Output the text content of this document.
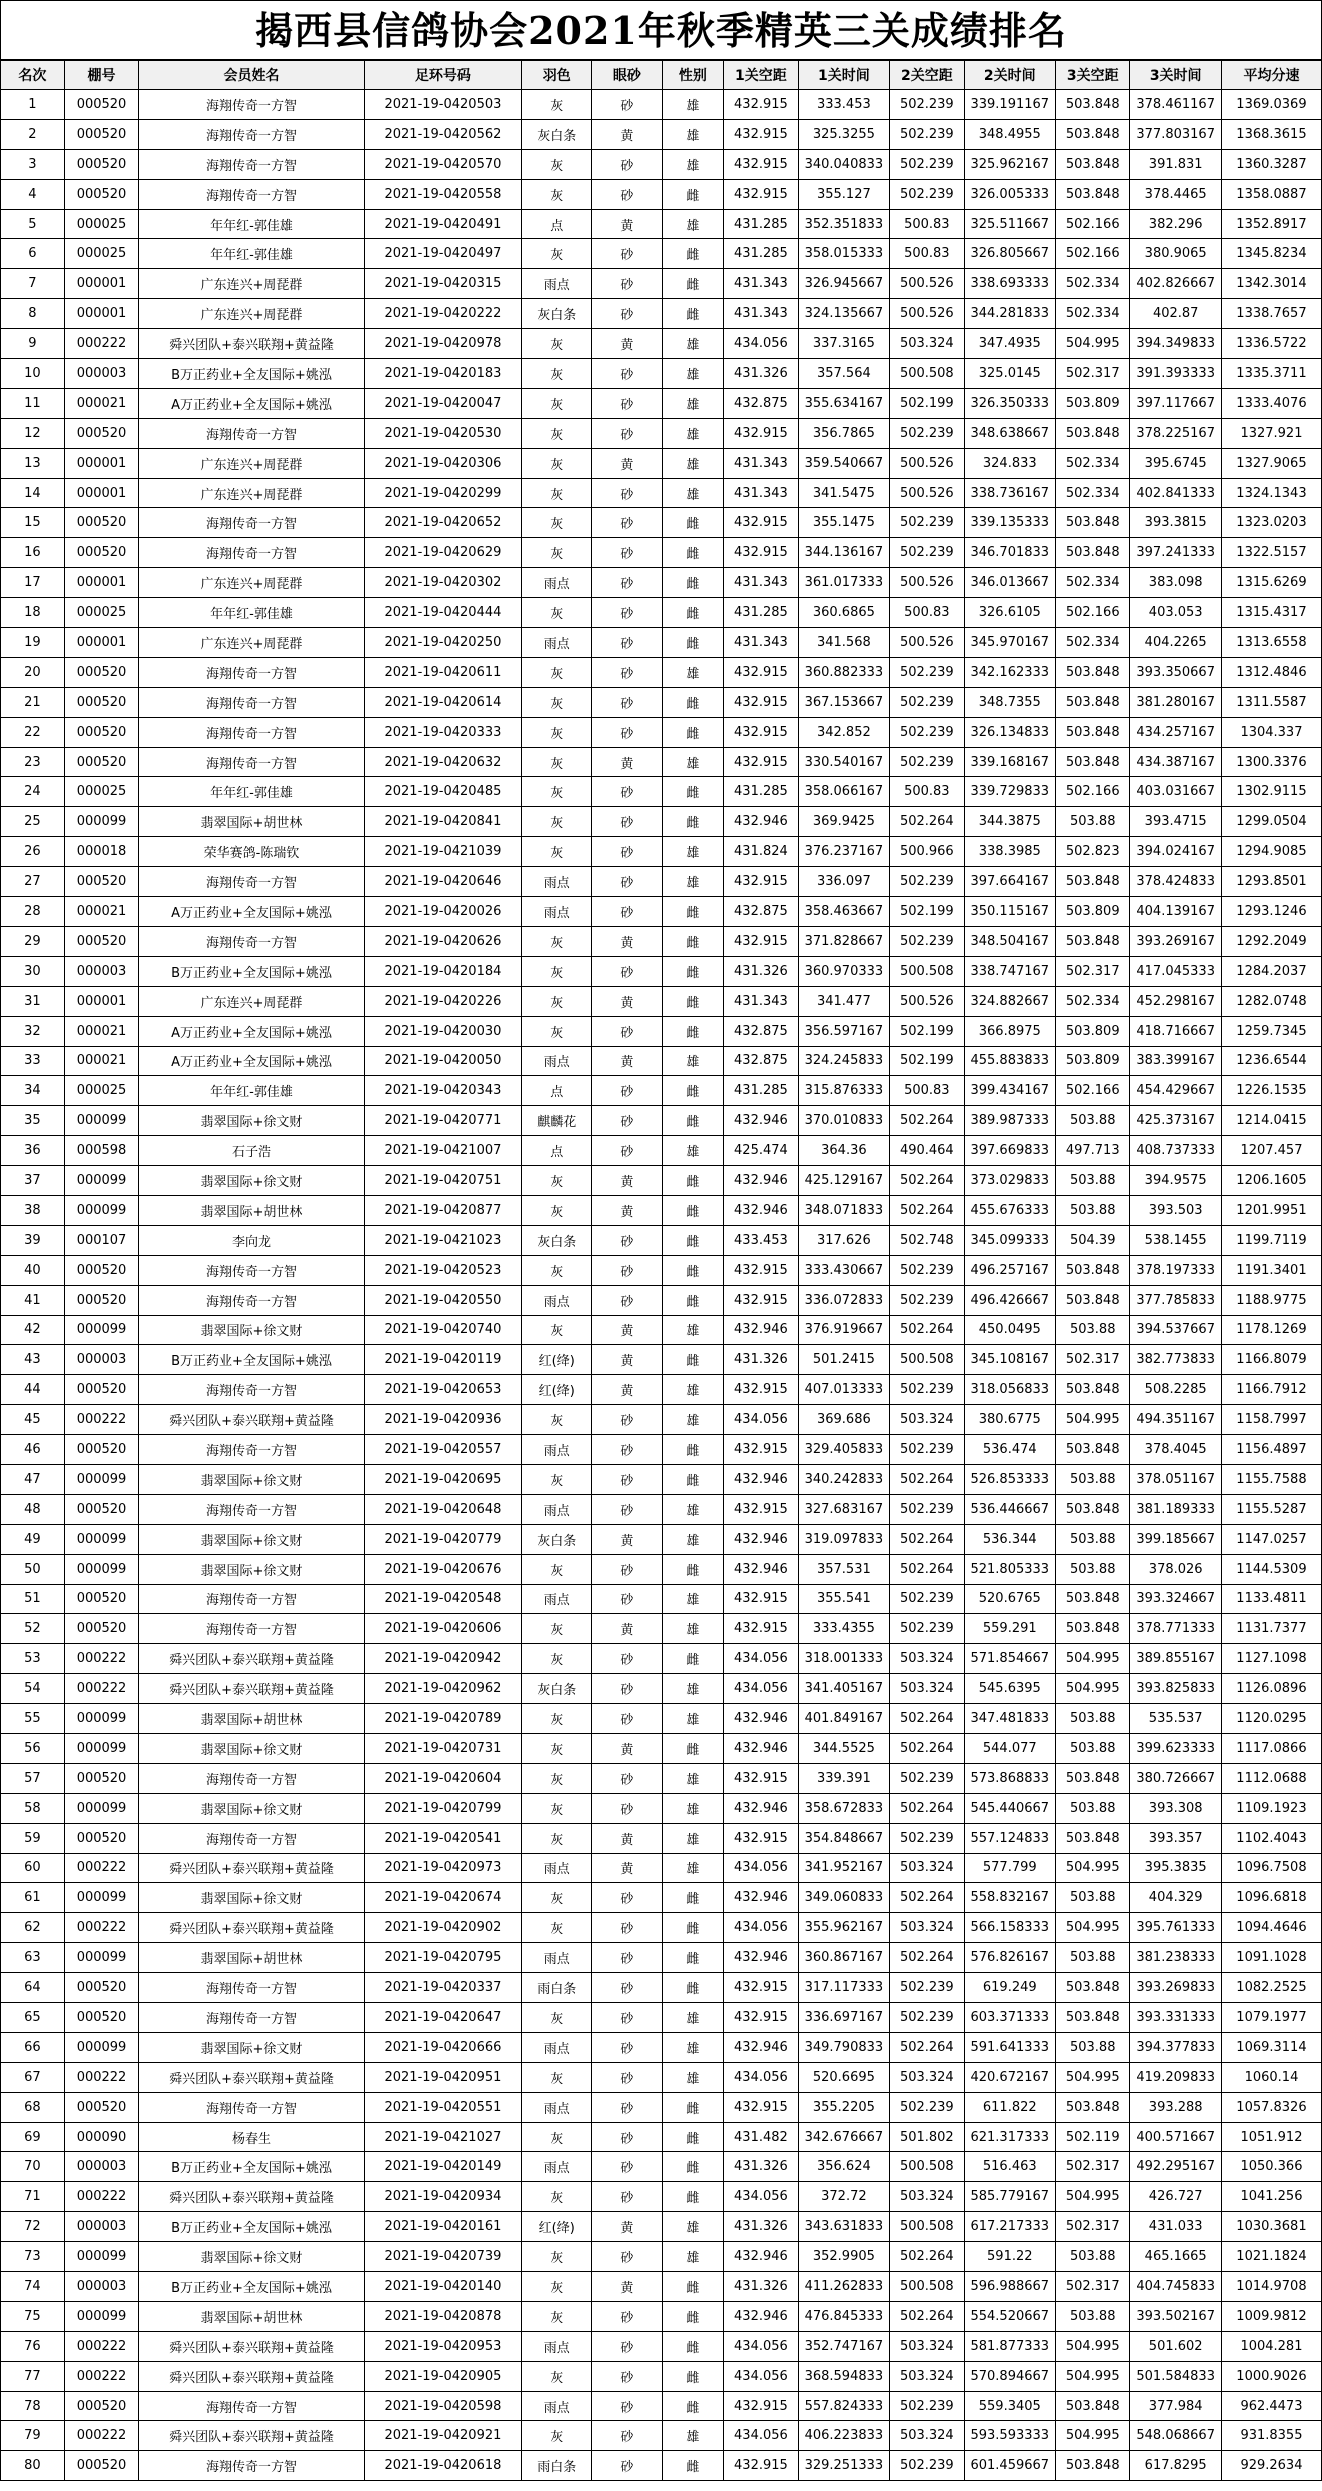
揭西县信鸽协会2021年秋季精英三关成绩排名
名次	棚号	会员姓名	足环号码	羽色	眼砂	性别	1关空距	1关时间	2关空距	2关时间	3关空距	3关时间	平均分速
1	000520	海翔传奇一方智	2021-19-0420503	灰	砂	雄	432.915	333.453	502.239	339.191167	503.848	378.461167	1369.0369
2	000520	海翔传奇一方智	2021-19-0420562	灰白条	黄	雄	432.915	325.3255	502.239	348.4955	503.848	377.803167	1368.3615
3	000520	海翔传奇一方智	2021-19-0420570	灰	砂	雄	432.915	340.040833	502.239	325.962167	503.848	391.831	1360.3287
4	000520	海翔传奇一方智	2021-19-0420558	灰	砂	雌	432.915	355.127	502.239	326.005333	503.848	378.4465	1358.0887
5	000025	年年红-郭佳雄	2021-19-0420491	点	黄	雄	431.285	352.351833	500.83	325.511667	502.166	382.296	1352.8917
6	000025	年年红-郭佳雄	2021-19-0420497	灰	砂	雌	431.285	358.015333	500.83	326.805667	502.166	380.9065	1345.8234
7	000001	广东连兴+周琵群	2021-19-0420315	雨点	砂	雌	431.343	326.945667	500.526	338.693333	502.334	402.826667	1342.3014
8	000001	广东连兴+周琵群	2021-19-0420222	灰白条	砂	雌	431.343	324.135667	500.526	344.281833	502.334	402.87	1338.7657
9	000222	舜兴团队+泰兴联翔+黄益隆	2021-19-0420978	灰	黄	雄	434.056	337.3165	503.324	347.4935	504.995	394.349833	1336.5722
10	000003	B万正药业+全友国际+姚泓	2021-19-0420183	灰	砂	雄	431.326	357.564	500.508	325.0145	502.317	391.393333	1335.3711
11	000021	A万正药业+全友国际+姚泓	2021-19-0420047	灰	砂	雄	432.875	355.634167	502.199	326.350333	503.809	397.117667	1333.4076
12	000520	海翔传奇一方智	2021-19-0420530	灰	砂	雄	432.915	356.7865	502.239	348.638667	503.848	378.225167	1327.921
13	000001	广东连兴+周琵群	2021-19-0420306	灰	黄	雄	431.343	359.540667	500.526	324.833	502.334	395.6745	1327.9065
14	000001	广东连兴+周琵群	2021-19-0420299	灰	砂	雄	431.343	341.5475	500.526	338.736167	502.334	402.841333	1324.1343
15	000520	海翔传奇一方智	2021-19-0420652	灰	砂	雌	432.915	355.1475	502.239	339.135333	503.848	393.3815	1323.0203
16	000520	海翔传奇一方智	2021-19-0420629	灰	砂	雌	432.915	344.136167	502.239	346.701833	503.848	397.241333	1322.5157
17	000001	广东连兴+周琵群	2021-19-0420302	雨点	砂	雌	431.343	361.017333	500.526	346.013667	502.334	383.098	1315.6269
18	000025	年年红-郭佳雄	2021-19-0420444	灰	砂	雌	431.285	360.6865	500.83	326.6105	502.166	403.053	1315.4317
19	000001	广东连兴+周琵群	2021-19-0420250	雨点	砂	雌	431.343	341.568	500.526	345.970167	502.334	404.2265	1313.6558
20	000520	海翔传奇一方智	2021-19-0420611	灰	砂	雄	432.915	360.882333	502.239	342.162333	503.848	393.350667	1312.4846
21	000520	海翔传奇一方智	2021-19-0420614	灰	砂	雌	432.915	367.153667	502.239	348.7355	503.848	381.280167	1311.5587
22	000520	海翔传奇一方智	2021-19-0420333	灰	砂	雌	432.915	342.852	502.239	326.134833	503.848	434.257167	1304.337
23	000520	海翔传奇一方智	2021-19-0420632	灰	黄	雄	432.915	330.540167	502.239	339.168167	503.848	434.387167	1300.3376
24	000025	年年红-郭佳雄	2021-19-0420485	灰	砂	雌	431.285	358.066167	500.83	339.729833	502.166	403.031667	1302.9115
25	000099	翡翠国际+胡世林	2021-19-0420841	灰	砂	雌	432.946	369.9425	502.264	344.3875	503.88	393.4715	1299.0504
26	000018	荣华赛鸽-陈瑞钦	2021-19-0421039	灰	砂	雄	431.824	376.237167	500.966	338.3985	502.823	394.024167	1294.9085
27	000520	海翔传奇一方智	2021-19-0420646	雨点	砂	雄	432.915	336.097	502.239	397.664167	503.848	378.424833	1293.8501
28	000021	A万正药业+全友国际+姚泓	2021-19-0420026	雨点	砂	雌	432.875	358.463667	502.199	350.115167	503.809	404.139167	1293.1246
29	000520	海翔传奇一方智	2021-19-0420626	灰	黄	雌	432.915	371.828667	502.239	348.504167	503.848	393.269167	1292.2049
30	000003	B万正药业+全友国际+姚泓	2021-19-0420184	灰	砂	雌	431.326	360.970333	500.508	338.747167	502.317	417.045333	1284.2037
31	000001	广东连兴+周琵群	2021-19-0420226	灰	黄	雌	431.343	341.477	500.526	324.882667	502.334	452.298167	1282.0748
32	000021	A万正药业+全友国际+姚泓	2021-19-0420030	灰	砂	雌	432.875	356.597167	502.199	366.8975	503.809	418.716667	1259.7345
33	000021	A万正药业+全友国际+姚泓	2021-19-0420050	雨点	黄	雄	432.875	324.245833	502.199	455.883833	503.809	383.399167	1236.6544
34	000025	年年红-郭佳雄	2021-19-0420343	点	砂	雌	431.285	315.876333	500.83	399.434167	502.166	454.429667	1226.1535
35	000099	翡翠国际+徐文财	2021-19-0420771	麒麟花	砂	雌	432.946	370.010833	502.264	389.987333	503.88	425.373167	1214.0415
36	000598	石子浩	2021-19-0421007	点	砂	雄	425.474	364.36	490.464	397.669833	497.713	408.737333	1207.457
37	000099	翡翠国际+徐文财	2021-19-0420751	灰	黄	雌	432.946	425.129167	502.264	373.029833	503.88	394.9575	1206.1605
38	000099	翡翠国际+胡世林	2021-19-0420877	灰	黄	雌	432.946	348.071833	502.264	455.676333	503.88	393.503	1201.9951
39	000107	李向龙	2021-19-0421023	灰白条	砂	雌	433.453	317.626	502.748	345.099333	504.39	538.1455	1199.7119
40	000520	海翔传奇一方智	2021-19-0420523	灰	砂	雌	432.915	333.430667	502.239	496.257167	503.848	378.197333	1191.3401
41	000520	海翔传奇一方智	2021-19-0420550	雨点	砂	雌	432.915	336.072833	502.239	496.426667	503.848	377.785833	1188.9775
42	000099	翡翠国际+徐文财	2021-19-0420740	灰	黄	雄	432.946	376.919667	502.264	450.0495	503.88	394.537667	1178.1269
43	000003	B万正药业+全友国际+姚泓	2021-19-0420119	红(绛)	黄	雌	431.326	501.2415	500.508	345.108167	502.317	382.773833	1166.8079
44	000520	海翔传奇一方智	2021-19-0420653	红(绛)	黄	雄	432.915	407.013333	502.239	318.056833	503.848	508.2285	1166.7912
45	000222	舜兴团队+泰兴联翔+黄益隆	2021-19-0420936	灰	砂	雄	434.056	369.686	503.324	380.6775	504.995	494.351167	1158.7997
46	000520	海翔传奇一方智	2021-19-0420557	雨点	砂	雌	432.915	329.405833	502.239	536.474	503.848	378.4045	1156.4897
47	000099	翡翠国际+徐文财	2021-19-0420695	灰	砂	雌	432.946	340.242833	502.264	526.853333	503.88	378.051167	1155.7588
48	000520	海翔传奇一方智	2021-19-0420648	雨点	砂	雄	432.915	327.683167	502.239	536.446667	503.848	381.189333	1155.5287
49	000099	翡翠国际+徐文财	2021-19-0420779	灰白条	黄	雄	432.946	319.097833	502.264	536.344	503.88	399.185667	1147.0257
50	000099	翡翠国际+徐文财	2021-19-0420676	灰	砂	雌	432.946	357.531	502.264	521.805333	503.88	378.026	1144.5309
51	000520	海翔传奇一方智	2021-19-0420548	雨点	砂	雄	432.915	355.541	502.239	520.6765	503.848	393.324667	1133.4811
52	000520	海翔传奇一方智	2021-19-0420606	灰	黄	雄	432.915	333.4355	502.239	559.291	503.848	378.771333	1131.7377
53	000222	舜兴团队+泰兴联翔+黄益隆	2021-19-0420942	灰	砂	雌	434.056	318.001333	503.324	571.854667	504.995	389.855167	1127.1098
54	000222	舜兴团队+泰兴联翔+黄益隆	2021-19-0420962	灰白条	砂	雄	434.056	341.405167	503.324	545.6395	504.995	393.825833	1126.0896
55	000099	翡翠国际+胡世林	2021-19-0420789	灰	砂	雄	432.946	401.849167	502.264	347.481833	503.88	535.537	1120.0295
56	000099	翡翠国际+徐文财	2021-19-0420731	灰	黄	雌	432.946	344.5525	502.264	544.077	503.88	399.623333	1117.0866
57	000520	海翔传奇一方智	2021-19-0420604	灰	砂	雄	432.915	339.391	502.239	573.868833	503.848	380.726667	1112.0688
58	000099	翡翠国际+徐文财	2021-19-0420799	灰	砂	雄	432.946	358.672833	502.264	545.440667	503.88	393.308	1109.1923
59	000520	海翔传奇一方智	2021-19-0420541	灰	黄	雄	432.915	354.848667	502.239	557.124833	503.848	393.357	1102.4043
60	000222	舜兴团队+泰兴联翔+黄益隆	2021-19-0420973	雨点	黄	雄	434.056	341.952167	503.324	577.799	504.995	395.3835	1096.7508
61	000099	翡翠国际+徐文财	2021-19-0420674	灰	砂	雌	432.946	349.060833	502.264	558.832167	503.88	404.329	1096.6818
62	000222	舜兴团队+泰兴联翔+黄益隆	2021-19-0420902	灰	砂	雌	434.056	355.962167	503.324	566.158333	504.995	395.761333	1094.4646
63	000099	翡翠国际+胡世林	2021-19-0420795	雨点	砂	雌	432.946	360.867167	502.264	576.826167	503.88	381.238333	1091.1028
64	000520	海翔传奇一方智	2021-19-0420337	雨白条	砂	雌	432.915	317.117333	502.239	619.249	503.848	393.269833	1082.2525
65	000520	海翔传奇一方智	2021-19-0420647	灰	砂	雄	432.915	336.697167	502.239	603.371333	503.848	393.331333	1079.1977
66	000099	翡翠国际+徐文财	2021-19-0420666	雨点	砂	雄	432.946	349.790833	502.264	591.641333	503.88	394.377833	1069.3114
67	000222	舜兴团队+泰兴联翔+黄益隆	2021-19-0420951	灰	砂	雄	434.056	520.6695	503.324	420.672167	504.995	419.209833	1060.14
68	000520	海翔传奇一方智	2021-19-0420551	雨点	砂	雌	432.915	355.2205	502.239	611.822	503.848	393.288	1057.8326
69	000090	杨春生	2021-19-0421027	灰	砂	雌	431.482	342.676667	501.802	621.317333	502.119	400.571667	1051.912
70	000003	B万正药业+全友国际+姚泓	2021-19-0420149	雨点	砂	雌	431.326	356.624	500.508	516.463	502.317	492.295167	1050.366
71	000222	舜兴团队+泰兴联翔+黄益隆	2021-19-0420934	灰	砂	雌	434.056	372.72	503.324	585.779167	504.995	426.727	1041.256
72	000003	B万正药业+全友国际+姚泓	2021-19-0420161	红(绛)	黄	雄	431.326	343.631833	500.508	617.217333	502.317	431.033	1030.3681
73	000099	翡翠国际+徐文财	2021-19-0420739	灰	砂	雄	432.946	352.9905	502.264	591.22	503.88	465.1665	1021.1824
74	000003	B万正药业+全友国际+姚泓	2021-19-0420140	灰	黄	雌	431.326	411.262833	500.508	596.988667	502.317	404.745833	1014.9708
75	000099	翡翠国际+胡世林	2021-19-0420878	灰	砂	雌	432.946	476.845333	502.264	554.520667	503.88	393.502167	1009.9812
76	000222	舜兴团队+泰兴联翔+黄益隆	2021-19-0420953	雨点	砂	雌	434.056	352.747167	503.324	581.877333	504.995	501.602	1004.281
77	000222	舜兴团队+泰兴联翔+黄益隆	2021-19-0420905	灰	砂	雌	434.056	368.594833	503.324	570.894667	504.995	501.584833	1000.9026
78	000520	海翔传奇一方智	2021-19-0420598	雨点	砂	雌	432.915	557.824333	502.239	559.3405	503.848	377.984	962.4473
79	000222	舜兴团队+泰兴联翔+黄益隆	2021-19-0420921	灰	砂	雄	434.056	406.223833	503.324	593.593333	504.995	548.068667	931.8355
80	000520	海翔传奇一方智	2021-19-0420618	雨白条	砂	雌	432.915	329.251333	502.239	601.459667	503.848	617.8295	929.2634
